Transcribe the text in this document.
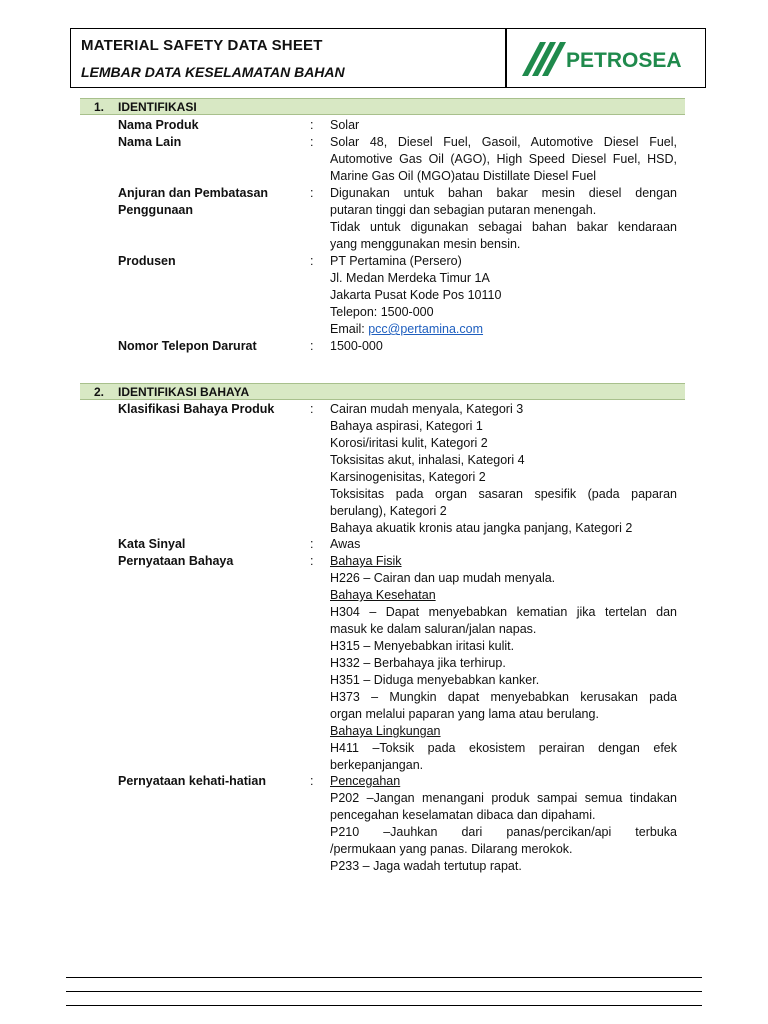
MATERIAL SAFETY DATA SHEET
LEMBAR DATA KESELAMATAN BAHAN	PETROSEA
1. IDENTIFIKASI
Nama Produk	: Solar
Nama Lain	: Solar 48, Diesel Fuel, Gasoil, Automotive Diesel Fuel,
Automotive Gas Oil (AGO), High Speed Diesel Fuel, HSD,
Marine Gas Oil (MGO)atau Distillate Diesel Fuel
Anjuran dan Pembatasan Penggunaan
: Digunakan untuk bahan bakar mesin diesel dengan
putaran tinggi dan sebagian putaran menengah.
Tidak untuk digunakan sebagai bahan bakar kendaraan
yang menggunakan mesin bensin.
Produsen	: PT Pertamina (Persero)
Jl. Medan Merdeka Timur 1A
Jakarta Pusat Kode Pos 10110
Telepon: 1500-000
Email: pcc@pertamina.com
Nomor Telepon Darurat	: 1500-000
2. IDENTIFIKASI BAHAYA
Klasifikasi Bahaya Produk	: Cairan mudah menyala, Kategori 3
Bahaya aspirasi, Kategori 1
Korosi/iritasi kulit, Kategori 2
Toksisitas akut, inhalasi, Kategori 4
Karsinogenisitas, Kategori 2
Toksisitas pada organ sasaran spesifik (pada paparan
berulang), Kategori 2
Bahaya akuatik kronis atau jangka panjang, Kategori 2
Kata Sinyal	: Awas
Pernyataan Bahaya	: Bahaya Fisik
H226 – Cairan dan uap mudah menyala.
Bahaya Kesehatan
H304 – Dapat menyebabkan kematian jika tertelan dan
masuk ke dalam saluran/jalan napas.
H315 – Menyebabkan iritasi kulit.
H332 – Berbahaya jika terhirup.
H351 – Diduga menyebabkan kanker.
H373 – Mungkin dapat menyebabkan kerusakan pada
organ melalui paparan yang lama atau berulang.
Bahaya Lingkungan
H411 –Toksik pada ekosistem perairan dengan efek
berkepanjangan.
Pernyataan kehati-hatian	: Pencegahan
P202 –Jangan menangani produk sampai semua tindakan
pencegahan keselamatan dibaca dan dipahami.
P210 –Jauhkan dari panas/percikan/api terbuka
/permukaan yang panas. Dilarang merokok.
P233 – Jaga wadah tertutup rapat.
